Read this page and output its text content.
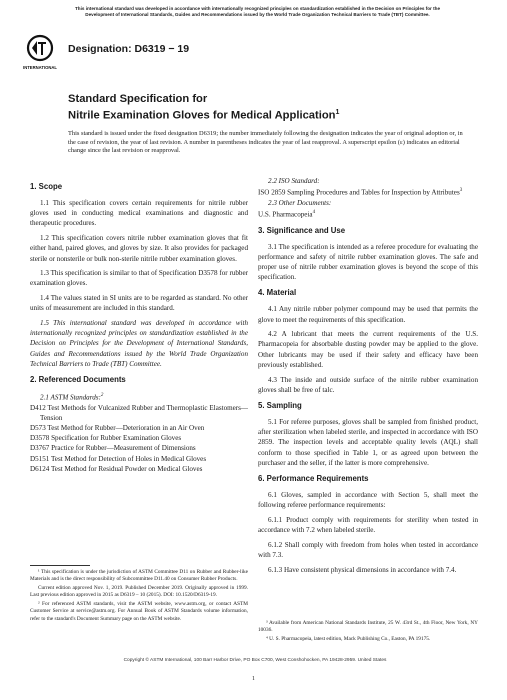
This international standard was developed in accordance with internationally recognized principles on standardization established in the Decision on Principles for the Development of International Standards, Guides and Recommendations issued by the World Trade Organization Technical Barriers to Trade (TBT) Committee.
INTERNATIONAL
Designation: D6319 − 19
Standard Specification for
Nitrile Examination Gloves for Medical Application$^1$
This standard is issued under the fixed designation D6319; the number immediately following the designation indicates the year of original adoption or, in the case of revision, the year of last revision. A number in parentheses indicates the year of last reapproval. A superscript epsilon (ε) indicates an editorial change since the last revision or reapproval.
1. Scope

1.1 This specification covers certain requirements for nitrile rubber gloves used in conducting medical examinations and diagnostic and therapeutic procedures.

1.2 This specification covers nitrile rubber examination gloves that fit either hand, paired gloves, and gloves by size. It also provides for packaged sterile or nonsterile or bulk non-sterile nitrile rubber examination gloves.

1.3 This specification is similar to that of Specification D3578 for rubber examination gloves.

1.4 The values stated in SI units are to be regarded as standard. No other units of measurement are included in this standard.

1.5 This international standard was developed in accordance with internationally recognized principles on standardization established in the Decision on Principles for the Development of International Standards, Guides and Recommendations issued by the World Trade Organization Technical Barriers to Trade (TBT) Committee.

2. Referenced Documents

2.1 ASTM Standards:$^2$

D412 Test Methods for Vulcanized Rubber and Thermoplastic Elastomers—Tension
D573 Test Method for Rubber—Deterioration in an Air Oven
D3578 Specification for Rubber Examination Gloves
D3767 Practice for Rubber—Measurement of Dimensions
D5151 Test Method for Detection of Holes in Medical Gloves
D6124 Test Method for Residual Powder on Medical Gloves

2.2 ISO Standard:

ISO 2859 Sampling Procedures and Tables for Inspection by Attributes$^3$

2.3 Other Documents:

U.S. Pharmacopeia$^4$
3. Significance and Use

3.1 The specification is intended as a referee procedure for evaluating the performance and safety of nitrile rubber examination gloves. The safe and proper use of nitrile rubber examination gloves is beyond the scope of this specification.

4. Material

4.1 Any nitrile rubber polymer compound may be used that permits the glove to meet the requirements of this specification.

4.2 A lubricant that meets the current requirements of the U.S. Pharmacopeia for absorbable dusting powder may be applied to the glove. Other lubricants may be used if their safety and efficacy have been previously established.

4.3 The inside and outside surface of the nitrile rubber examination gloves shall be free of talc.

5. Sampling

5.1 For referee purposes, gloves shall be sampled from finished product, after sterilization when labeled sterile, and inspected in accordance with ISO 2859. The inspection levels and acceptable quality levels (AQL) shall conform to those specified in Table 1, or as agreed upon between the purchaser and the seller, if the latter is more comprehensive.

6. Performance Requirements

6.1 Gloves, sampled in accordance with Section 5, shall meet the following referee performance requirements:

6.1.1 Product comply with requirements for sterility when tested in accordance with 7.2 when labeled sterile.

6.1.2 Shall comply with freedom from holes when tested in accordance with 7.3.

6.1.3 Have consistent physical dimensions in accordance with 7.4.

¹ This specification is under the jurisdiction of ASTM Committee D11 on Rubber and Rubber-like Materials and is the direct responsibility of Subcommittee D11.40 on Consumer Rubber Products.

Current edition approved Nov. 1, 2019. Published December 2019. Originally approved in 1999. Last previous edition approved in 2015 as D6319 – 10 (2015). DOI: 10.1520/D6319-19.

² For referenced ASTM standards, visit the ASTM website, www.astm.org, or contact ASTM Customer Service at service@astm.org. For Annual Book of ASTM Standards volume information, refer to the standard's Document Summary page on the ASTM website.

³ Available from American National Standards Institute, 25 W. 43rd St., 4th Floor, New York, NY 10036.

⁴ U. S. Pharmacopeia, latest edition, Mack Publishing Co., Easton, PA 19175.

Copyright © ASTM International, 100 Barr Harbor Drive, PO Box C700, West Conshohocken, PA 19428-2959. United States
1
